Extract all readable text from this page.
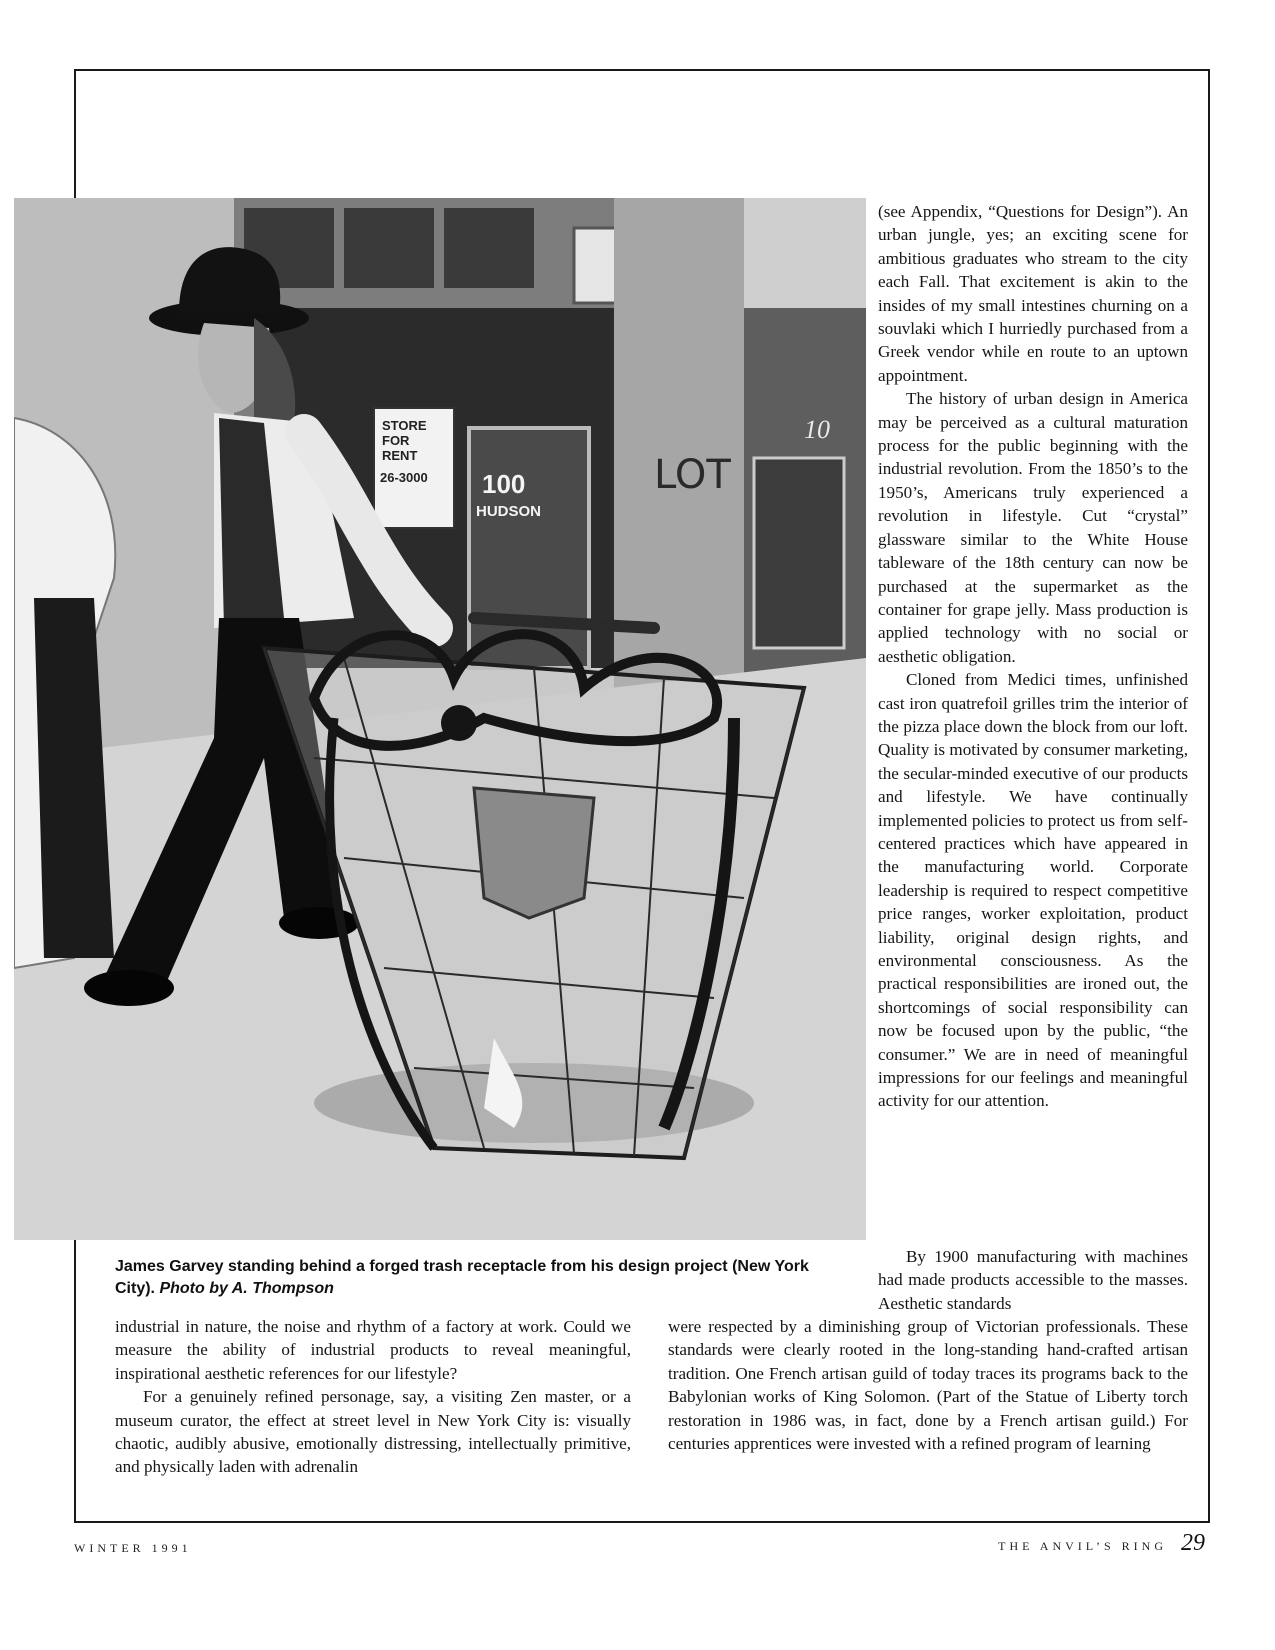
STORE
FOR
RENT
26-3000 100
HUDSON
LOT
10
James Garvey standing behind a forged trash receptacle from his design project (New York City). Photo by A. Thompson

(see Appendix, “Questions for Design”). An urban jungle, yes; an exciting scene for ambitious graduates who stream to the city each Fall. That excitement is akin to the insides of my small intestines churning on a souvlaki which I hurriedly purchased from a Greek vendor while en route to an uptown appointment.

The history of urban design in America may be perceived as a cultural maturation process for the public beginning with the industrial revolution. From the 1850’s to the 1950’s, Americans truly experienced a revolution in lifestyle. Cut “crystal” glassware similar to the White House tableware of the 18th century can now be purchased at the supermarket as the container for grape jelly. Mass production is applied technology with no social or aesthetic obligation.

Cloned from Medici times, unfinished cast iron quatrefoil grilles trim the interior of the pizza place down the block from our loft. Quality is motivated by consumer marketing, the secular-minded executive of our products and lifestyle. We have continually implemented policies to protect us from self-centered practices which have appeared in the manufacturing world. Corporate leadership is required to respect competitive price ranges, worker exploitation, product liability, original design rights, and environmental consciousness. As the practical responsibilities are ironed out, the shortcomings of social responsibility can now be focused upon by the public, “the consumer.” We are in need of meaningful impressions for our feelings and meaningful activity for our attention.

By 1900 manufacturing with machines had made products accessible to the masses. Aesthetic standards

industrial in nature, the noise and rhythm of a factory at work. Could we measure the ability of industrial products to reveal meaningful, inspirational aesthetic references for our lifestyle?

For a genuinely refined personage, say, a visiting Zen master, or a museum curator, the effect at street level in New York City is: visually chaotic, audibly abusive, emotionally distressing, intellectually primitive, and physically laden with adrenalin

were respected by a diminishing group of Victorian professionals. These standards were clearly rooted in the long-standing hand-crafted artisan tradition. One French artisan guild of today traces its programs back to the Babylonian works of King Solomon. (Part of the Statue of Liberty torch restoration in 1986 was, in fact, done by a French artisan guild.) For centuries apprentices were invested with a refined program of learning

WINTER 1991	THE ANVIL’S RING 29
